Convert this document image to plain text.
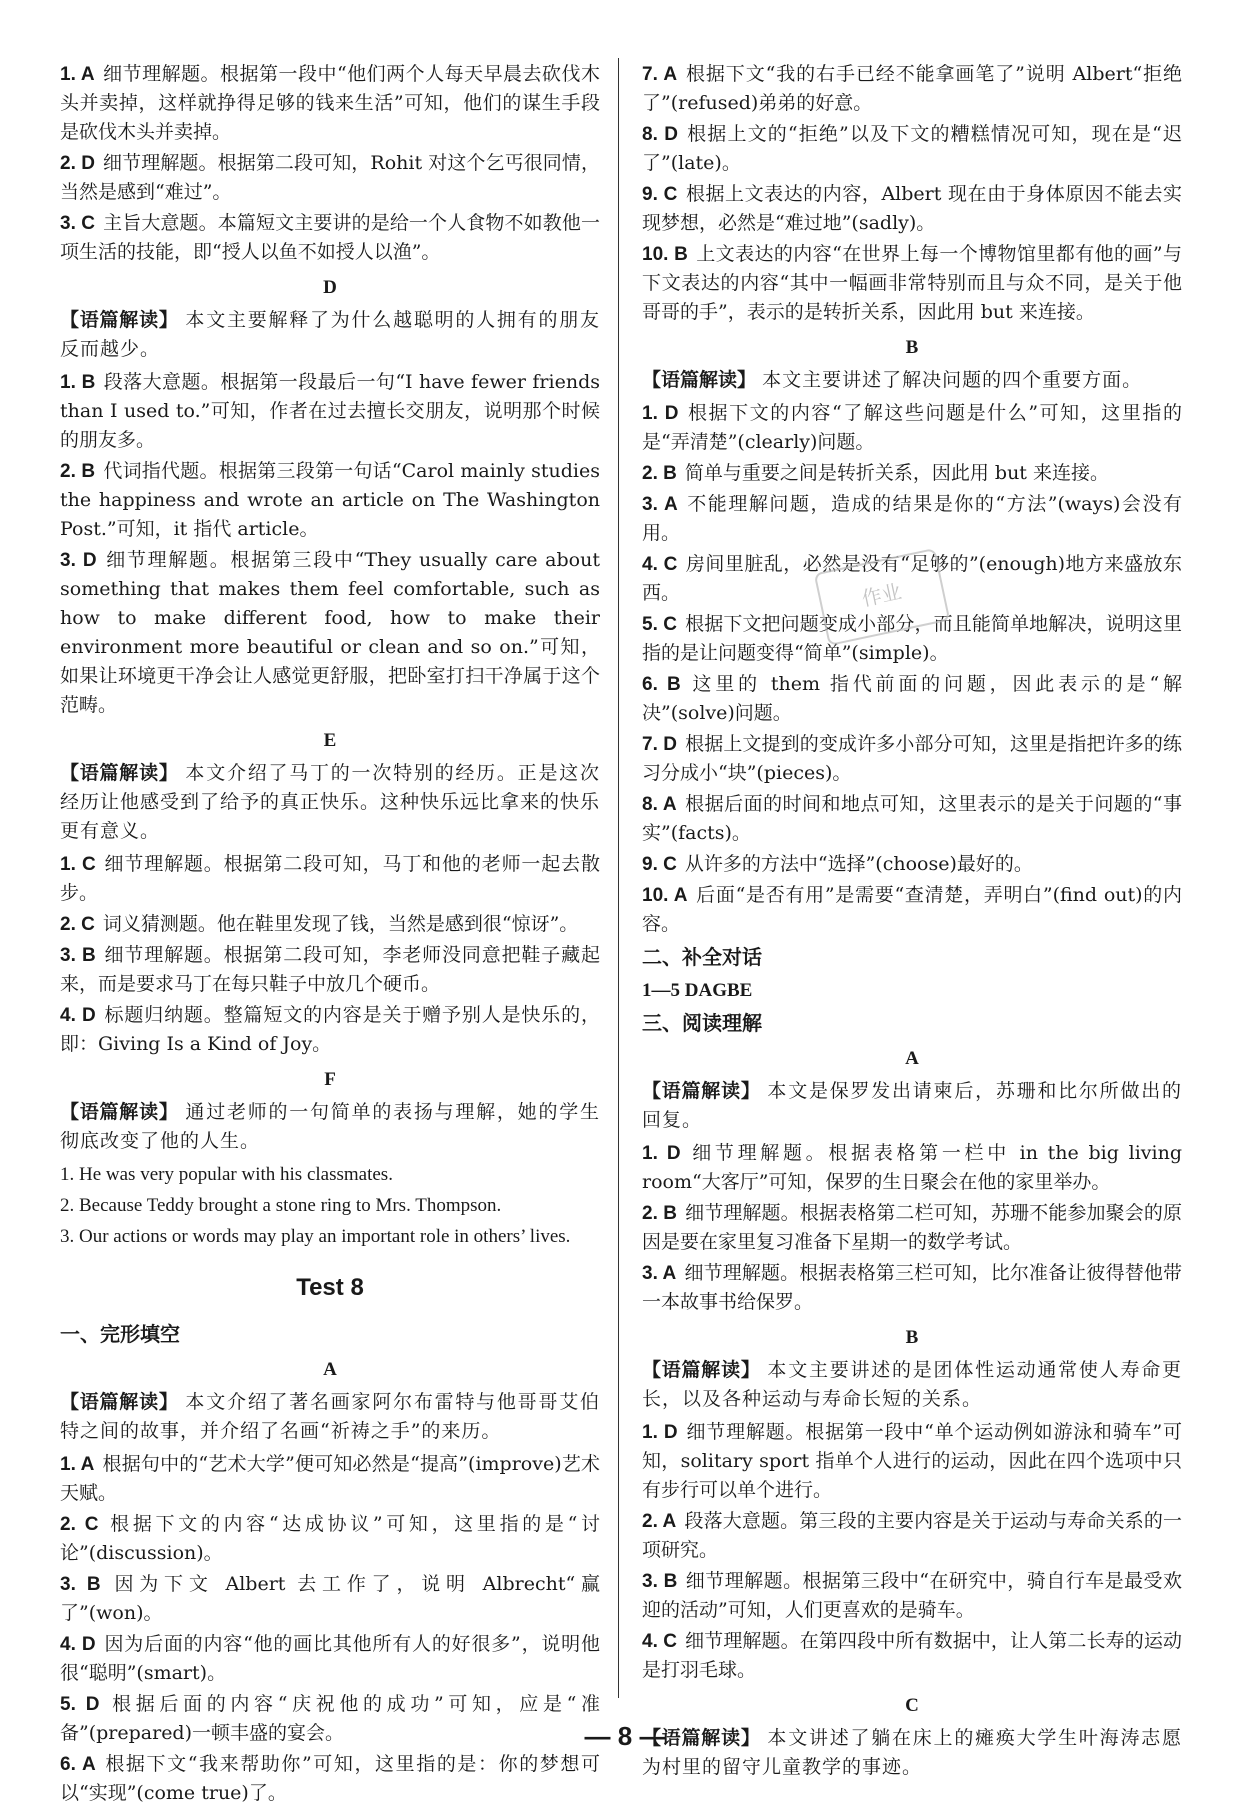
1. A 细节理解题。根据第一段中“他们两个人每天早晨去砍伐木头并卖掉，这样就挣得足够的钱来生活”可知，他们的谋生手段是砍伐木头并卖掉。
2. D 细节理解题。根据第二段可知，Rohit 对这个乞丐很同情，当然是感到“难过”。
3. C 主旨大意题。本篇短文主要讲的是给一个人食物不如教他一项生活的技能，即“授人以鱼不如授人以渔”。
D
【语篇解读】 本文主要解释了为什么越聪明的人拥有的朋友反而越少。
1. B 段落大意题。根据第一段最后一句“I have fewer friends than I used to.”可知，作者在过去擅长交朋友，说明那个时候的朋友多。
2. B 代词指代题。根据第三段第一句话“Carol mainly studies the happiness and wrote an article on The Washington Post.”可知，it 指代 article。
3. D 细节理解题。根据第三段中“They usually care about something that makes them feel comfortable, such as how to make different food, how to make their environment more beautiful or clean and so on.”可知，如果让环境更干净会让人感觉更舒服，把卧室打扫干净属于这个范畴。
E
【语篇解读】 本文介绍了马丁的一次特别的经历。正是这次经历让他感受到了给予的真正快乐。这种快乐远比拿来的快乐更有意义。
1. C 细节理解题。根据第二段可知，马丁和他的老师一起去散步。
2. C 词义猜测题。他在鞋里发现了钱，当然是感到很“惊讶”。
3. B 细节理解题。根据第二段可知，李老师没同意把鞋子藏起来，而是要求马丁在每只鞋子中放几个硬币。
4. D 标题归纳题。整篇短文的内容是关于赠予别人是快乐的，即：Giving Is a Kind of Joy。
F
【语篇解读】 通过老师的一句简单的表扬与理解，她的学生彻底改变了他的人生。
1. He was very popular with his classmates.
2. Because Teddy brought a stone ring to Mrs. Thompson.
3. Our actions or words may play an important role in others’ lives.
Test 8
一、完形填空
A
【语篇解读】 本文介绍了著名画家阿尔布雷特与他哥哥艾伯特之间的故事，并介绍了名画“祈祷之手”的来历。
1. A 根据句中的“艺术大学”便可知必然是“提高”(improve)艺术天赋。
2. C 根据下文的内容“达成协议”可知，这里指的是“讨论”(discussion)。
3. B 因为下文 Albert 去工作了，说明 Albrecht“赢了”(won)。
4. D 因为后面的内容“他的画比其他所有人的好很多”，说明他很“聪明”(smart)。
5. D 根据后面的内容“庆祝他的成功”可知，应是“准备”(prepared)一顿丰盛的宴会。
6. A 根据下文“我来帮助你”可知，这里指的是：你的梦想可以“实现”(come true)了。
7. A 根据下文“我的右手已经不能拿画笔了”说明 Albert“拒绝了”(refused)弟弟的好意。
8. D 根据上文的“拒绝”以及下文的糟糕情况可知，现在是“迟了”(late)。
9. C 根据上文表达的内容，Albert 现在由于身体原因不能去实现梦想，必然是“难过地”(sadly)。
10. B 上文表达的内容“在世界上每一个博物馆里都有他的画”与下文表达的内容“其中一幅画非常特别而且与众不同，是关于他哥哥的手”，表示的是转折关系，因此用 but 来连接。
B
【语篇解读】 本文主要讲述了解决问题的四个重要方面。
1. D 根据下文的内容“了解这些问题是什么”可知，这里指的是“弄清楚”(clearly)问题。
2. B 简单与重要之间是转折关系，因此用 but 来连接。
3. A 不能理解问题，造成的结果是你的“方法”(ways)会没有用。
4. C 房间里脏乱，必然是没有“足够的”(enough)地方来盛放东西。
5. C 根据下文把问题变成小部分，而且能简单地解决，说明这里指的是让问题变得“简单”(simple)。
6. B 这里的 them 指代前面的问题，因此表示的是“解决”(solve)问题。
7. D 根据上文提到的变成许多小部分可知，这里是指把许多的练习分成小“块”(pieces)。
8. A 根据后面的时间和地点可知，这里表示的是关于问题的“事实”(facts)。
9. C 从许多的方法中“选择”(choose)最好的。
10. A 后面“是否有用”是需要“查清楚，弄明白”(find out)的内容。
二、补全对话
1—5 DAGBE
三、阅读理解
A
【语篇解读】 本文是保罗发出请柬后，苏珊和比尔所做出的回复。
1. D 细节理解题。根据表格第一栏中 in the big living room“大客厅”可知，保罗的生日聚会在他的家里举办。
2. B 细节理解题。根据表格第二栏可知，苏珊不能参加聚会的原因是要在家里复习准备下星期一的数学考试。
3. A 细节理解题。根据表格第三栏可知，比尔准备让彼得替他带一本故事书给保罗。
B
【语篇解读】 本文主要讲述的是团体性运动通常使人寿命更长，以及各种运动与寿命长短的关系。
1. D 细节理解题。根据第一段中“单个运动例如游泳和骑车”可知，solitary sport 指单个人进行的运动，因此在四个选项中只有步行可以单个进行。
2. A 段落大意题。第三段的主要内容是关于运动与寿命关系的一项研究。
3. B 细节理解题。根据第三段中“在研究中，骑自行车是最受欢迎的活动”可知，人们更喜欢的是骑车。
4. C 细节理解题。在第四段中所有数据中，让人第二长寿的运动是打羽毛球。
C
【语篇解读】 本文讲述了躺在床上的瘫痪大学生叶海涛志愿为村里的留守儿童教学的事迹。
作业
— 8 —
